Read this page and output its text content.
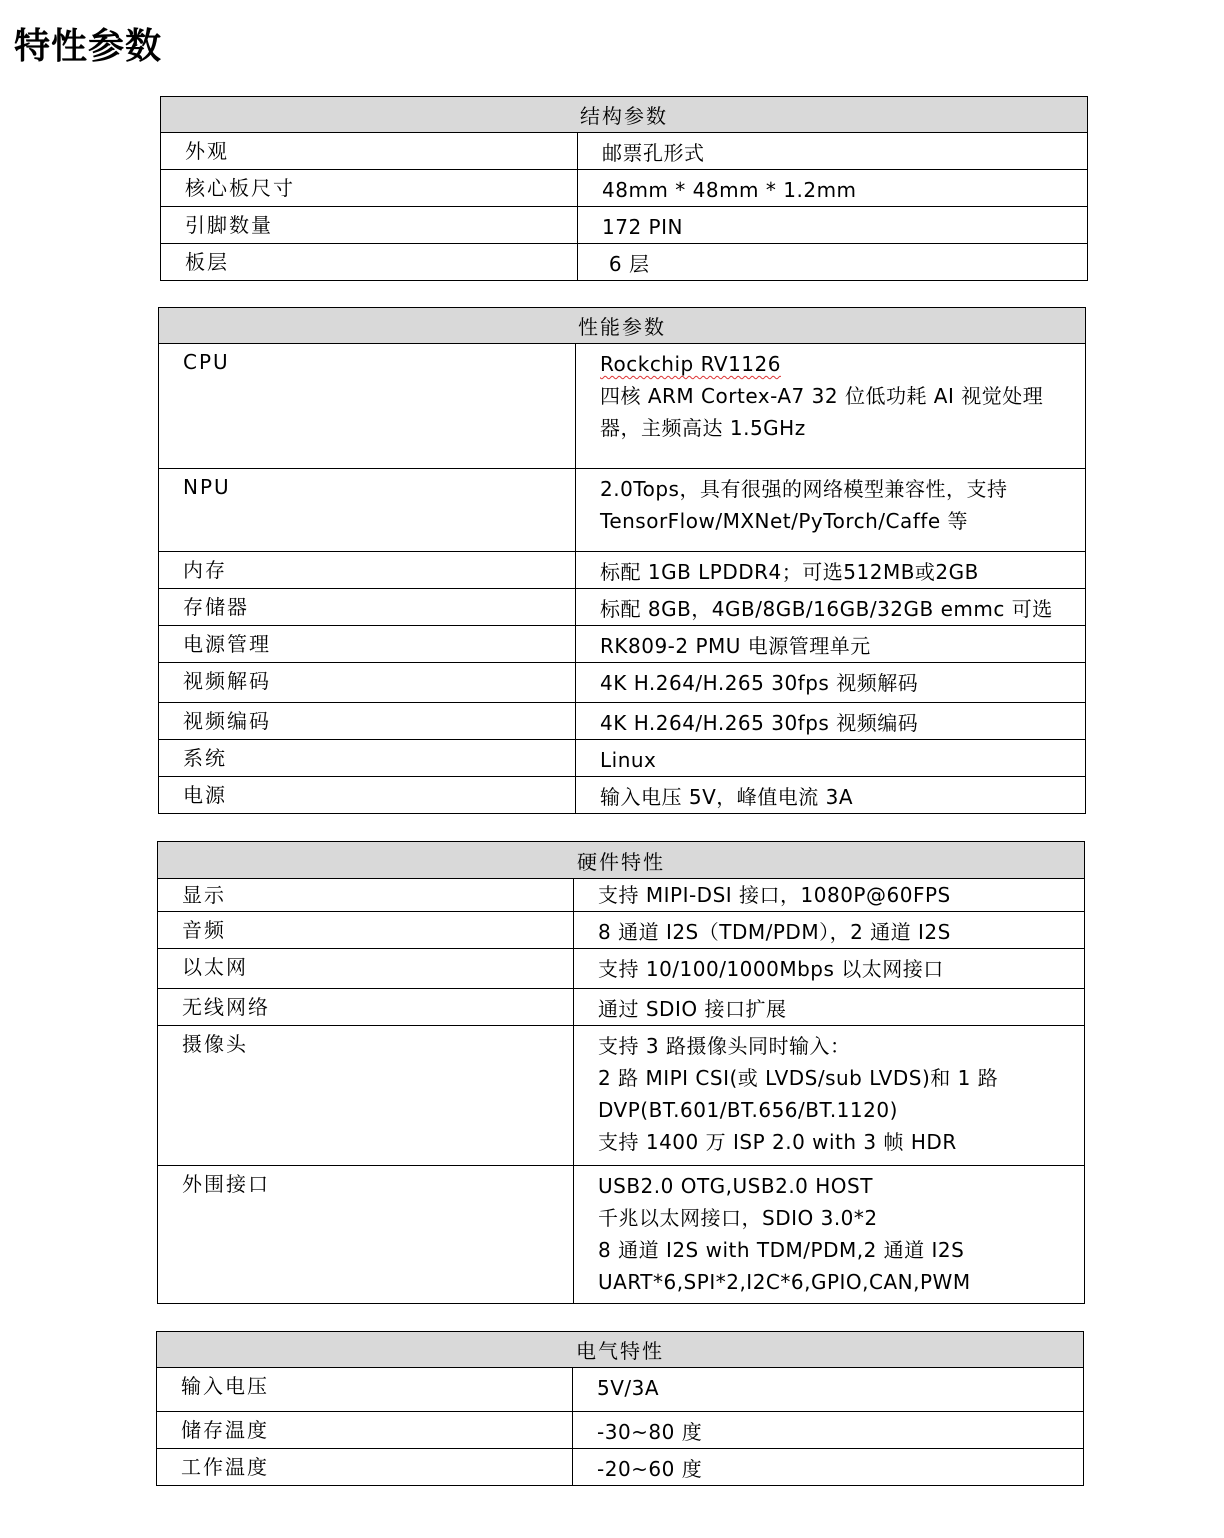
特性参数
结构参数	
外观	邮票孔形式

核心板尺寸	48mm * 48mm * 1.2mm

引脚数量	172 PIN

板层	6 层
性能参数	
CPU	Rockchip RV1126
四核 ARM Cortex-A7 32 位低功耗 AI 视觉处理
器，主频高达 1.5GHz

NPU	2.0Tops，具有很强的网络模型兼容性，支持
TensorFlow/MXNet/PyTorch/Caffe 等

内存	标配 1GB LPDDR4；可选512MB或2GB

存储器	标配 8GB，4GB/8GB/16GB/32GB emmc 可选

电源管理	RK809-2 PMU 电源管理单元

视频解码	4K H.264/H.265 30fps 视频解码

视频编码	4K H.264/H.265 30fps 视频编码

系统	Linux

电源	输入电压 5V，峰值电流 3A
硬件特性	
显示	支持 MIPI-DSI 接口，1080P@60FPS

音频	8 通道 I2S（TDM/PDM），2 通道 I2S

以太网	支持 10/100/1000Mbps 以太网接口

无线网络	通过 SDIO 接口扩展

摄像头	支持 3 路摄像头同时输入：
2 路 MIPI CSI(或 LVDS/sub LVDS)和 1 路
DVP(BT.601/BT.656/BT.1120)
支持 1400 万 ISP 2.0 with 3 帧 HDR

外围接口	USB2.0 OTG,USB2.0 HOST
千兆以太网接口，SDIO 3.0*2
8 通道 I2S with TDM/PDM,2 通道 I2S
UART*6,SPI*2,I2C*6,GPIO,CAN,PWM
电气特性	
输入电压	5V/3A

储存温度	-30~80 度

工作温度	-20~60 度
